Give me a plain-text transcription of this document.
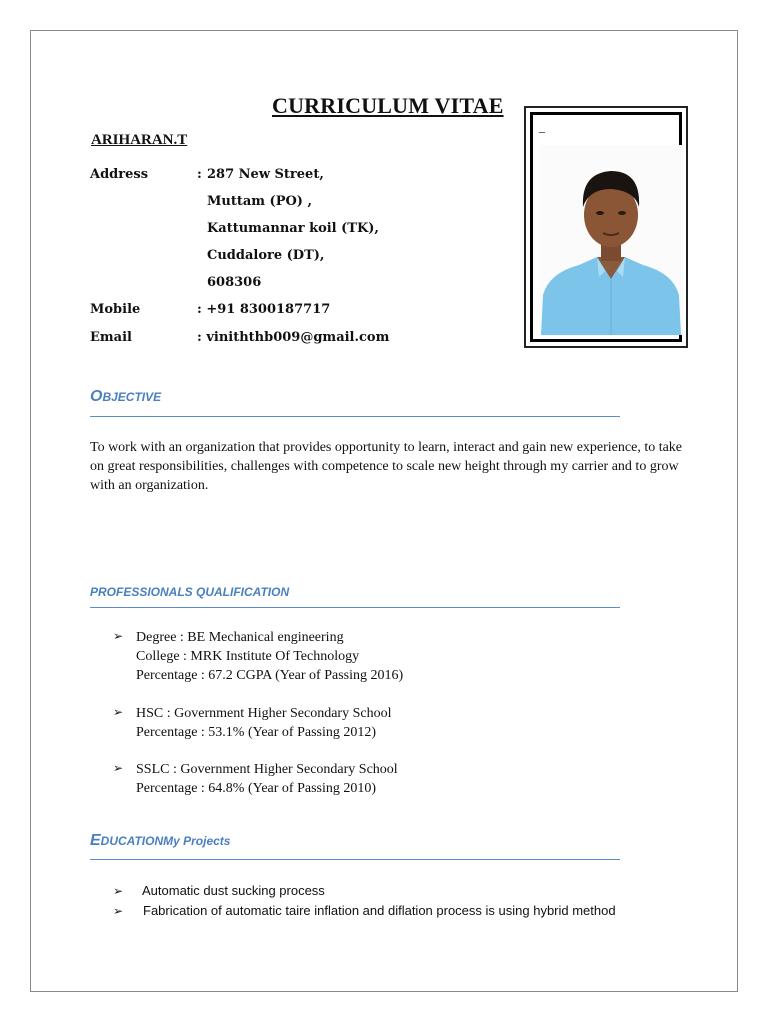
CURRICULUM VITAE
ARIHARAN.T
Address	: 287 New Street,
Muttam (PO) ,
Kattumannar koil (TK),
Cuddalore (DT),
608306
Mobile	: +91 8300187717
Email	: viniththb009@gmail.com
_
OBJECTIVE
To work with an organization that provides opportunity to learn, interact and gain new experience, to take on great responsibilities, challenges with competence to scale new height through my carrier and to grow with an organization.
PROFESSIONALS QUALIFICATION
➢ Degree : BE Mechanical engineering
College : MRK Institute Of Technology
Percentage : 67.2 CGPA (Year of Passing 2016)
➢ HSC : Government Higher Secondary School
Percentage : 53.1% (Year of Passing 2012)
➢ SSLC : Government Higher Secondary School
Percentage : 64.8% (Year of Passing 2010)
EDUCATIONMy Projects
➢ Automatic dust sucking process
➢ Fabrication of automatic taire inflation and diflation process is using hybrid method
